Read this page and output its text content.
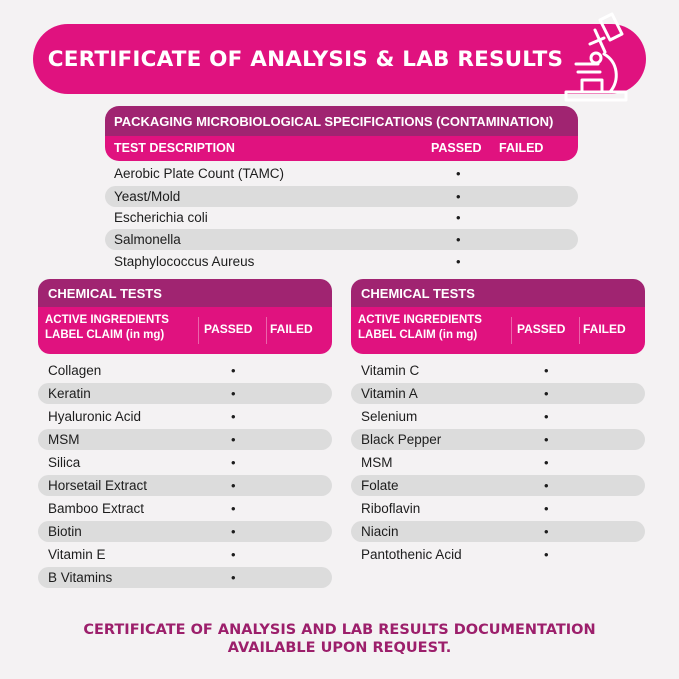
CERTIFICATE OF ANALYSIS & LAB RESULTS
PACKAGING MICROBIOLOGICAL SPECIFICATIONS (CONTAMINATION)
TEST DESCRIPTION	PASSED FAILED
Aerobic Plate Count (TAMC)	•
Yeast/Mold	•
Escherichia coli	•
Salmonella	•
Staphylococcus Aureus	•
CHEMICAL TESTS
ACTIVE INGREDIENTS
LABEL CLAIM (in mg)	PASSED FAILED
Collagen	•
Keratin	•
Hyaluronic Acid	•
MSM	•
Silica	•
Horsetail Extract	•
Bamboo Extract	•
Biotin	•
Vitamin E	•
B Vitamins	•
CHEMICAL TESTS
ACTIVE INGREDIENTS
LABEL CLAIM (in mg)	PASSED FAILED
Vitamin C	•
Vitamin A	•
Selenium	•
Black Pepper	•
MSM	•
Folate	•
Riboflavin	•
Niacin	•
Pantothenic Acid	•
CERTIFICATE OF ANALYSIS AND LAB RESULTS DOCUMENTATION
AVAILABLE UPON REQUEST.
